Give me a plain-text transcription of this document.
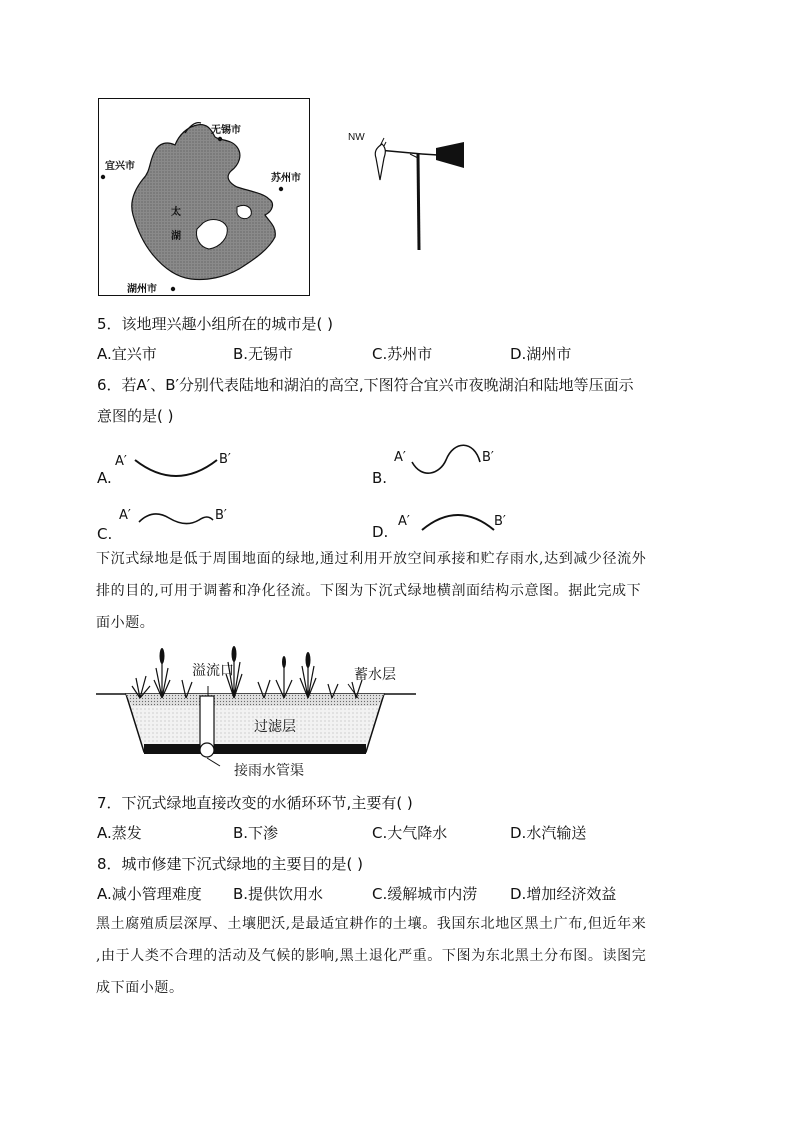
无锡市
宜兴市
苏州市
湖州市
太
湖
NW
5．该地理兴趣小组所在的城市是( )
A.宜兴市	B.无锡市	C.苏州市	D.湖州市
6．若A′、B′分别代表陆地和湖泊的高空,下图符合宜兴市夜晚湖泊和陆地等压面示
意图的是( )
A.
A′	B′
B.
A′	B′
C.
A′	B′
D.
A′	B′
下沉式绿地是低于周围地面的绿地,通过利用开放空间承接和贮存雨水,达到减少径流外
排的目的,可用于调蓄和净化径流。下图为下沉式绿地横剖面结构示意图。据此完成下
面小题。
溢流口	蓄水层
过滤层
接雨水管渠
7．下沉式绿地直接改变的水循环环节,主要有( )
A.蒸发	B.下渗	C.大气降水	D.水汽输送
8．城市修建下沉式绿地的主要目的是( )
A.减小管理难度 B.提供饮用水	C.缓解城市内涝 D.增加经济效益
黑土腐殖质层深厚、土壤肥沃,是最适宜耕作的土壤。我国东北地区黑土广布,但近年来
,由于人类不合理的活动及气候的影响,黑土退化严重。下图为东北黑土分布图。读图完
成下面小题。
